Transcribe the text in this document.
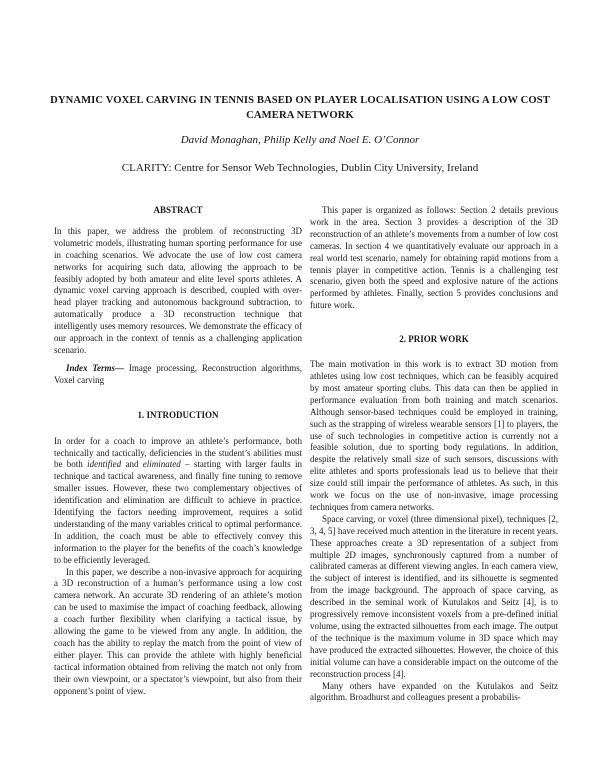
DYNAMIC VOXEL CARVING IN TENNIS BASED ON PLAYER LOCALISATION USING A LOW COST CAMERA NETWORK
David Monaghan, Philip Kelly and Noel E. O’Connor
CLARITY: Centre for Sensor Web Technologies, Dublin City University, Ireland

ABSTRACT

In this paper, we address the problem of reconstructing 3D volumetric models, illustrating human sporting performance for use in coaching scenarios. We advocate the use of low cost camera networks for acquiring such data, allowing the approach to be feasibly adopted by both amateur and elite level sports athletes. A dynamic voxel carving approach is described, coupled with over-head player tracking and autonomous background subtraction, to automatically produce a 3D reconstruction technique that intelligently uses memory resources. We demonstrate the efficacy of our approach in the context of tennis as a challenging application scenario.

Index Terms— Image processing, Reconstruction algorithms, Voxel carving

1. INTRODUCTION

In order for a coach to improve an athlete’s performance, both technically and tactically, deficiencies in the student’s abilities must be both identified and eliminated – starting with larger faults in technique and tactical awareness, and finally fine tuning to remove smaller issues. However, these two complementary objectives of identification and elimination are difficult to achieve in practice. Identifying the factors needing improvement, requires a solid understanding of the many variables critical to optimal performance. In addition, the coach must be able to effectively convey this information to the player for the benefits of the coach’s knowledge to be efficiently leveraged.

In this paper, we describe a non-invasive approach for acquiring a 3D reconstruction of a human’s performance using a low cost camera network. An accurate 3D rendering of an athlete’s motion can be used to maximise the impact of coaching feedback, allowing a coach further flexibility when clarifying a tactical issue, by allowing the game to be viewed from any angle. In addition, the coach has the ability to replay the match from the point of view of either player. This can provide the athlete with highly beneficial tactical information obtained from reliving the match not only from their own viewpoint, or a spectator’s viewpoint, but also from their opponent’s point of view.

This paper is organized as follows: Section 2 details previous work in the area. Section 3 provides a description of the 3D reconstruction of an athlete’s movements from a number of low cost cameras. In section 4 we quantitatively evaluate our approach in a real world test scenario, namely for obtaining rapid motions from a tennis player in competitive action. Tennis is a challenging test scenario, given both the speed and explosive nature of the actions performed by athletes. Finally, section 5 provides conclusions and future work.

2. PRIOR WORK

The main motivation in this work is to extract 3D motion from athletes using low cost techniques, which can be feasibly acquired by most amateur sporting clubs. This data can then be applied in performance evaluation from both training and match scenarios. Although sensor-based techniques could be employed in training, such as the strapping of wireless wearable sensors [1] to players, the use of such technologies in competitive action is currently not a feasible solution, due to sporting body regulations. In addition, despite the relatively small size of such sensors, discussions with elite athletes and sports professionals lead us to believe that their size could still impair the performance of athletes. As such, in this work we focus on the use of non-invasive, image processing techniques from camera networks.

Space carving, or voxel (three dimensional pixel), techniques [2, 3, 4, 5] have received much attention in the literature in recent years. These approaches create a 3D representation of a subject from multiple 2D images, synchronously captured from a number of calibrated cameras at different viewing angles. In each camera view, the subject of interest is identified, and its silhouette is segmented from the image background. The approach of space carving, as described in the seminal work of Kutulakos and Seitz [4], is to progressively remove inconsistent voxels from a pre-defined initial volume, using the extracted silhouettes from each image. The output of the technique is the maximum volume in 3D space which may have produced the extracted silhouettes. However, the choice of this initial volume can have a considerable impact on the outcome of the reconstruction process [4].

Many others have expanded on the Kutulakos and Seitz algorithm. Broadhurst and colleagues present a probabilis-
